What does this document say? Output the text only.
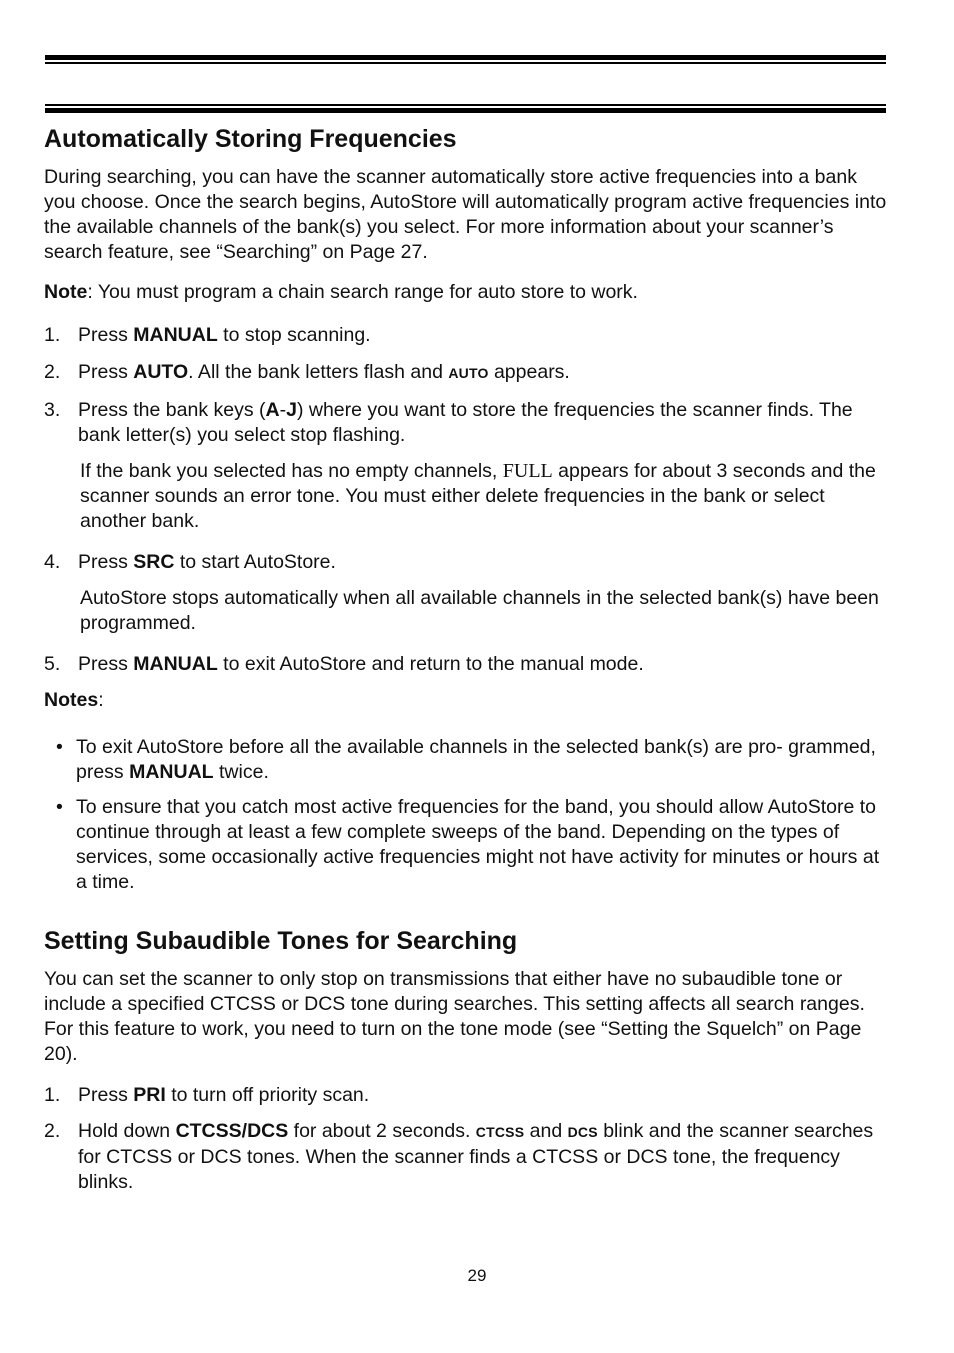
Automatically Storing Frequencies

During searching, you can have the scanner automatically store active frequencies into a bank you choose. Once the search begins, AutoStore will automatically program active frequencies into the available channels of the bank(s) you select. For more information about your scanner’s search feature, see “Searching” on Page 27.

Note: You must program a chain search range for auto store to work.

1. Press MANUAL to stop scanning.
2. Press AUTO. All the bank letters flash and AUTO appears.
3. Press the bank keys (A-J) where you want to store the frequencies the scanner finds. The bank letter(s) you select stop flashing.
If the bank you selected has no empty channels, FULL appears for about 3 seconds and the scanner sounds an error tone. You must either delete frequencies in the bank or select another bank.
4. Press SRC to start AutoStore.
AutoStore stops automatically when all available channels in the selected bank(s) have been programmed.
5. Press MANUAL to exit AutoStore and return to the manual mode.

Notes:

• To exit AutoStore before all the available channels in the selected bank(s) are pro- grammed, press MANUAL twice.
• To ensure that you catch most active frequencies for the band, you should allow AutoStore to continue through at least a few complete sweeps of the band. Depending on the types of services, some occasionally active frequencies might not have activity for minutes or hours at a time.
Setting Subaudible Tones for Searching

You can set the scanner to only stop on transmissions that either have no subaudible tone or include a specified CTCSS or DCS tone during searches. This setting affects all search ranges. For this feature to work, you need to turn on the tone mode (see “Setting the Squelch” on Page 20).

1. Press PRI to turn off priority scan.
2. Hold down CTCSS/DCS for about 2 seconds. CTCSS and DCS blink and the scanner searches for CTCSS or DCS tones. When the scanner finds a CTCSS or DCS tone, the frequency blinks.
29
